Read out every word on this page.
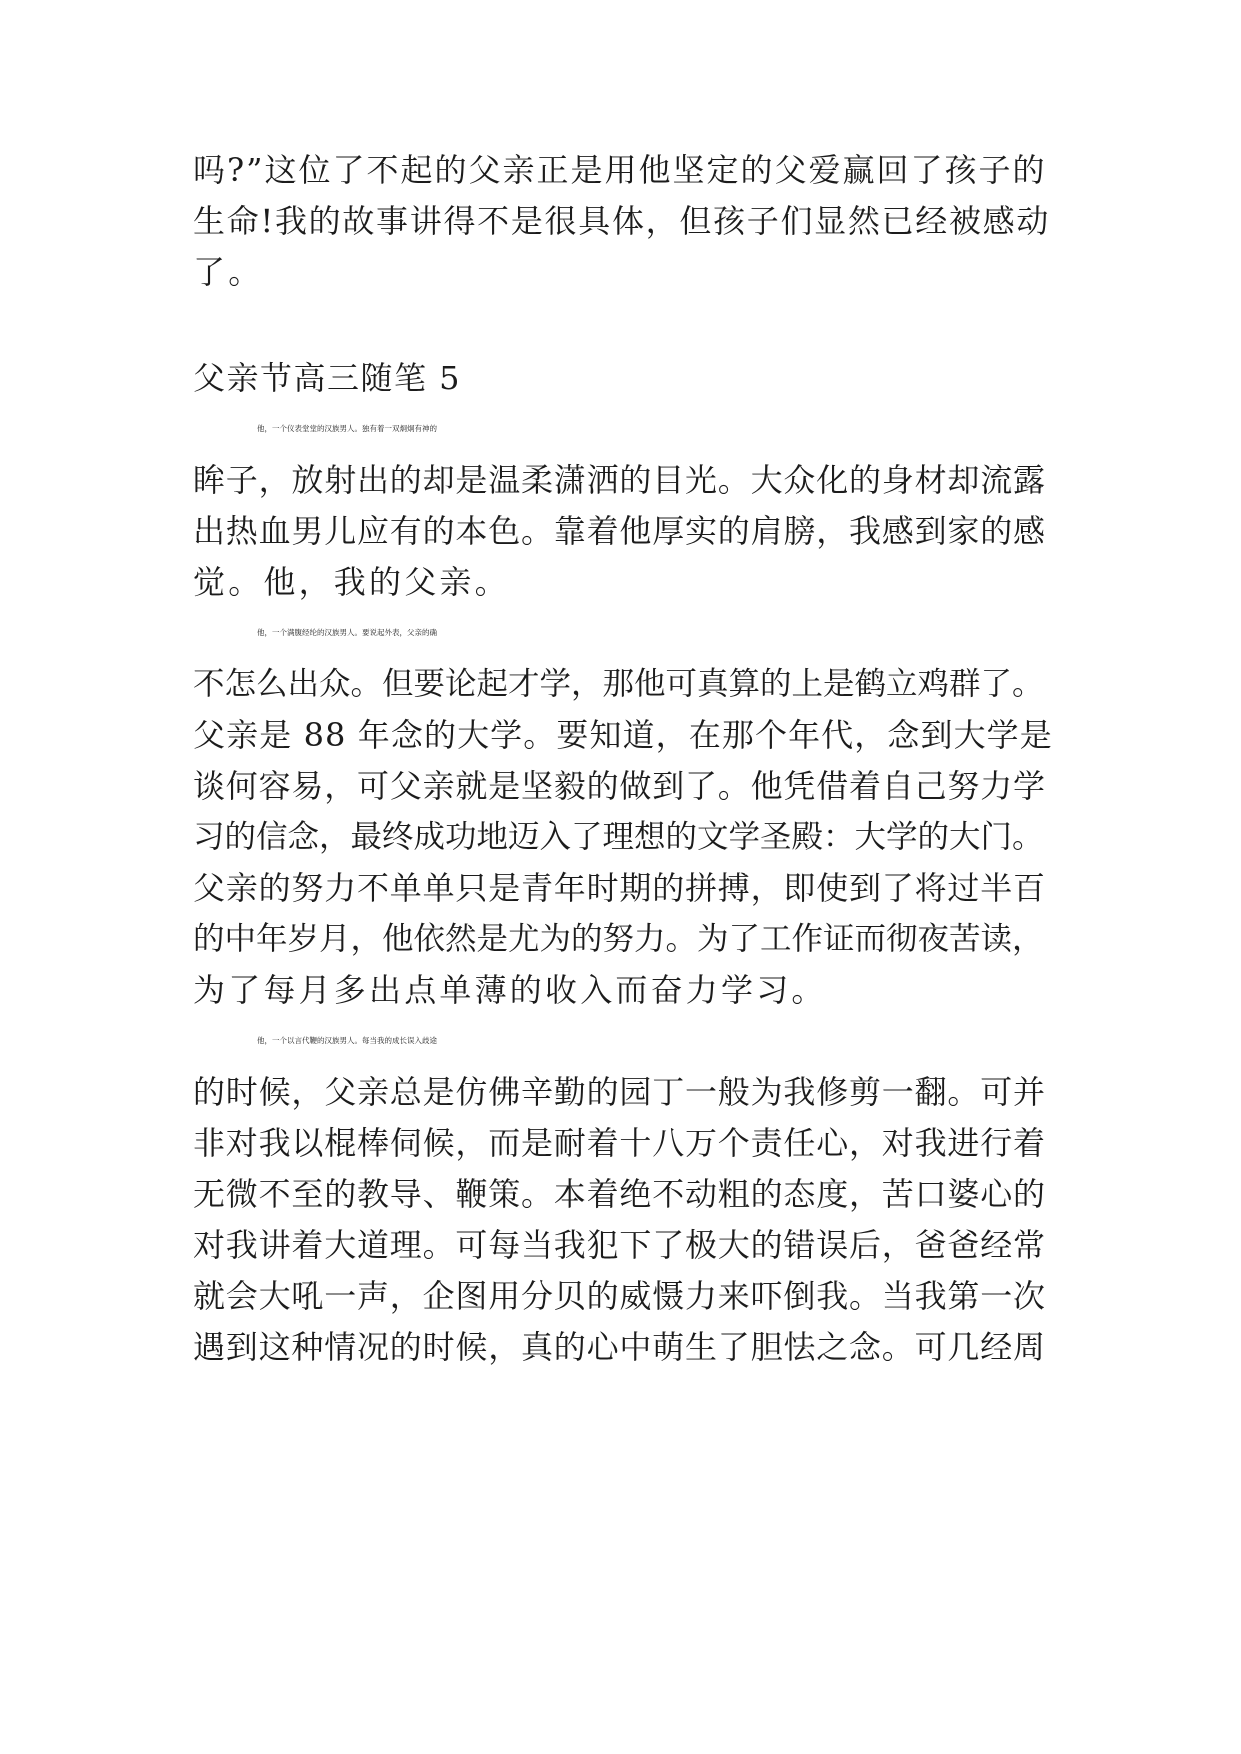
吗?”这位了不起的父亲正是用他坚定的父爱赢回了孩子的

生命!我的故事讲得不是很具体，但孩子们显然已经被感动

了。

父亲节高三随笔 5

他，一个仪表堂堂的汉族男人。独有着一双炯炯有神的

眸子，放射出的却是温柔潇洒的目光。大众化的身材却流露

出热血男儿应有的本色。靠着他厚实的肩膀，我感到家的感

觉。他，我的父亲。

他，一个满腹经纶的汉族男人。要说起外表，父亲的确

不怎么出众。但要论起才学，那他可真算的上是鹤立鸡群了。

父亲是 88 年念的大学。要知道，在那个年代，念到大学是

谈何容易，可父亲就是坚毅的做到了。他凭借着自己努力学

习的信念，最终成功地迈入了理想的文学圣殿：大学的大门。

父亲的努力不单单只是青年时期的拼搏，即使到了将过半百

的中年岁月，他依然是尤为的努力。为了工作证而彻夜苦读，

为了每月多出点单薄的收入而奋力学习。

他，一个以言代鞭的汉族男人。每当我的成长误入歧途

的时候，父亲总是仿佛辛勤的园丁一般为我修剪一翻。可并

非对我以棍棒伺候，而是耐着十八万个责任心，对我进行着

无微不至的教导、鞭策。本着绝不动粗的态度，苦口婆心的

对我讲着大道理。可每当我犯下了极大的错误后，爸爸经常

就会大吼一声，企图用分贝的威慑力来吓倒我。当我第一次

遇到这种情况的时候，真的心中萌生了胆怯之念。可几经周
